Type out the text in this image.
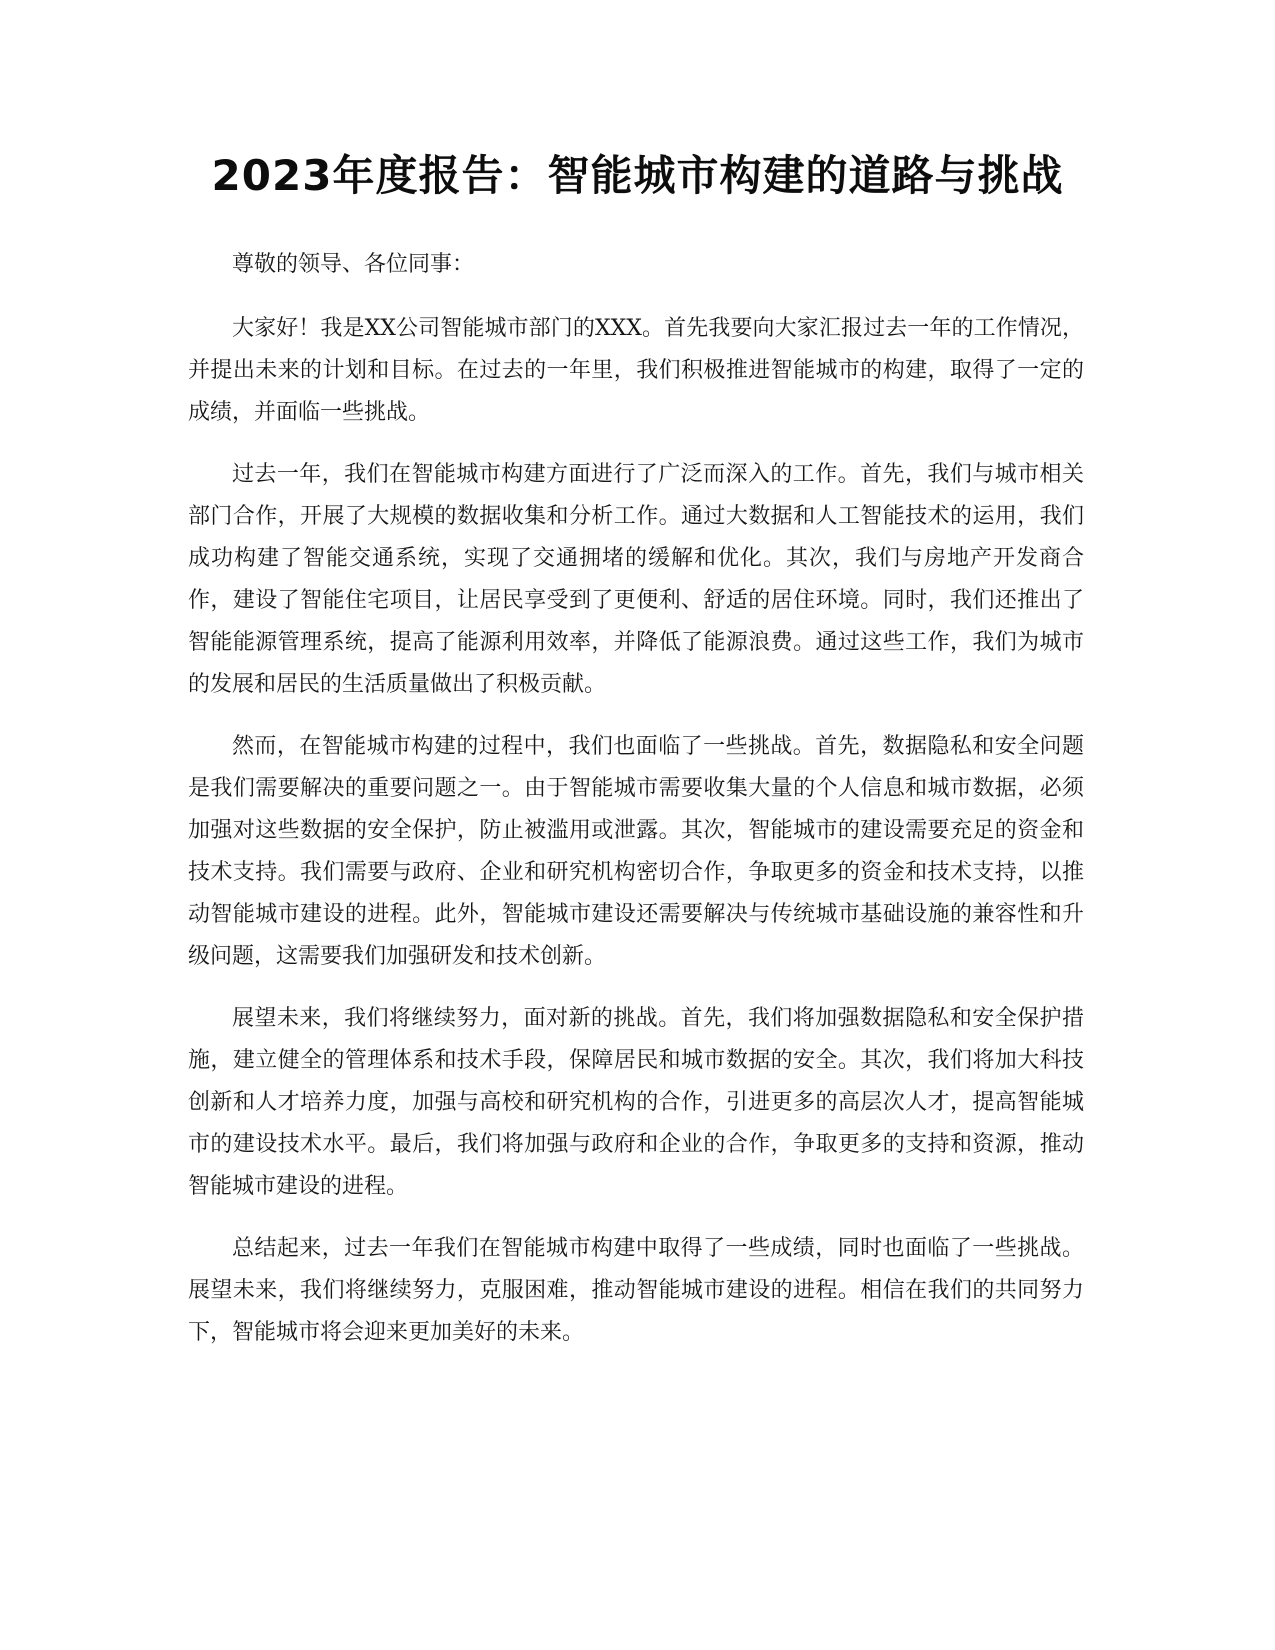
2023年度报告：智能城市构建的道路与挑战

尊敬的领导、各位同事：

大家好！我是XX公司智能城市部门的XXX。首先我要向大家汇报过去一年的工作情况，并提出未来的计划和目标。在过去的一年里，我们积极推进智能城市的构建，取得了一定的成绩，并面临一些挑战。

过去一年，我们在智能城市构建方面进行了广泛而深入的工作。首先，我们与城市相关部门合作，开展了大规模的数据收集和分析工作。通过大数据和人工智能技术的运用，我们成功构建了智能交通系统，实现了交通拥堵的缓解和优化。其次，我们与房地产开发商合作，建设了智能住宅项目，让居民享受到了更便利、舒适的居住环境。同时，我们还推出了智能能源管理系统，提高了能源利用效率，并降低了能源浪费。通过这些工作，我们为城市的发展和居民的生活质量做出了积极贡献。

然而，在智能城市构建的过程中，我们也面临了一些挑战。首先，数据隐私和安全问题是我们需要解决的重要问题之一。由于智能城市需要收集大量的个人信息和城市数据，必须加强对这些数据的安全保护，防止被滥用或泄露。其次，智能城市的建设需要充足的资金和技术支持。我们需要与政府、企业和研究机构密切合作，争取更多的资金和技术支持，以推动智能城市建设的进程。此外，智能城市建设还需要解决与传统城市基础设施的兼容性和升级问题，这需要我们加强研发和技术创新。

展望未来，我们将继续努力，面对新的挑战。首先，我们将加强数据隐私和安全保护措施，建立健全的管理体系和技术手段，保障居民和城市数据的安全。其次，我们将加大科技创新和人才培养力度，加强与高校和研究机构的合作，引进更多的高层次人才，提高智能城市的建设技术水平。最后，我们将加强与政府和企业的合作，争取更多的支持和资源，推动智能城市建设的进程。

总结起来，过去一年我们在智能城市构建中取得了一些成绩，同时也面临了一些挑战。展望未来，我们将继续努力，克服困难，推动智能城市建设的进程。相信在我们的共同努力下，智能城市将会迎来更加美好的未来。
